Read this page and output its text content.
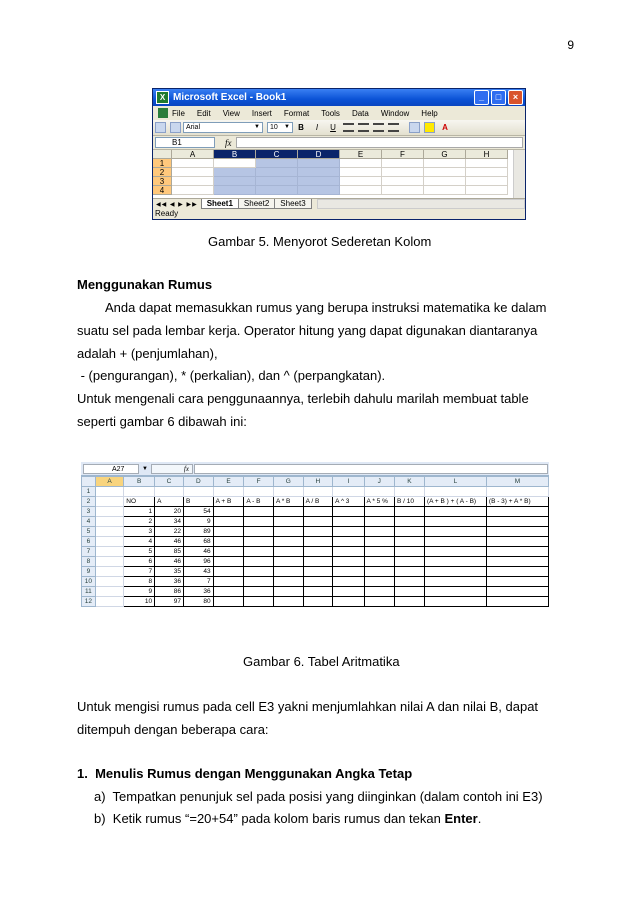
9
X Microsoft Excel - Book1	_	□	×
File Edit View Insert Format Tools Data Window Help
Arial	▼ 10 ▼	B	I	U	A
B1	fx
A	B	C	D	E	F	G	H
1
2
3
4
◀◀ ◀ ▶ ▶▶	Sheet1	Sheet2	Sheet3
Ready
Gambar 5. Menyorot Sederetan Kolom
Menggunakan Rumus
Anda dapat memasukkan rumus yang berupa instruksi matematika ke dalam
suatu sel pada lembar kerja. Operator hitung yang dapat digunakan diantaranya
adalah + (penjumlahan),
- (pengurangan), * (perkalian), dan ^ (perpangkatan).
Untuk mengenali cara penggunaannya, terlebih dahulu marilah membuat table
seperti gambar 6 dibawah ini:
A27	▼	fx
	A	B	C	D	E	F	G	H	I	J	K	L	M
1													
2		NO	A	B	A + B	A - B	A * B	A / B	A ^ 3	A * 5 %	B / 10	(A + B ) + ( A - B)	(B - 3) + A * B)
3		1	20	54									
4		2	34	9									
5		3	22	89									
6		4	46	68									
7		5	85	46									
8		6	46	96									
9		7	35	43									
10		8	36	7									
11		9	86	36									
12		10	97	80									
Gambar 6. Tabel Aritmatika
Untuk mengisi rumus pada cell E3 yakni menjumlahkan nilai A dan nilai B, dapat
ditempuh dengan beberapa cara:
1.  Menulis Rumus dengan Menggunakan Angka Tetap
a)  Tempatkan penunjuk sel pada posisi yang diinginkan (dalam contoh ini E3)
b)  Ketik rumus “=20+54” pada kolom baris rumus dan tekan Enter.
